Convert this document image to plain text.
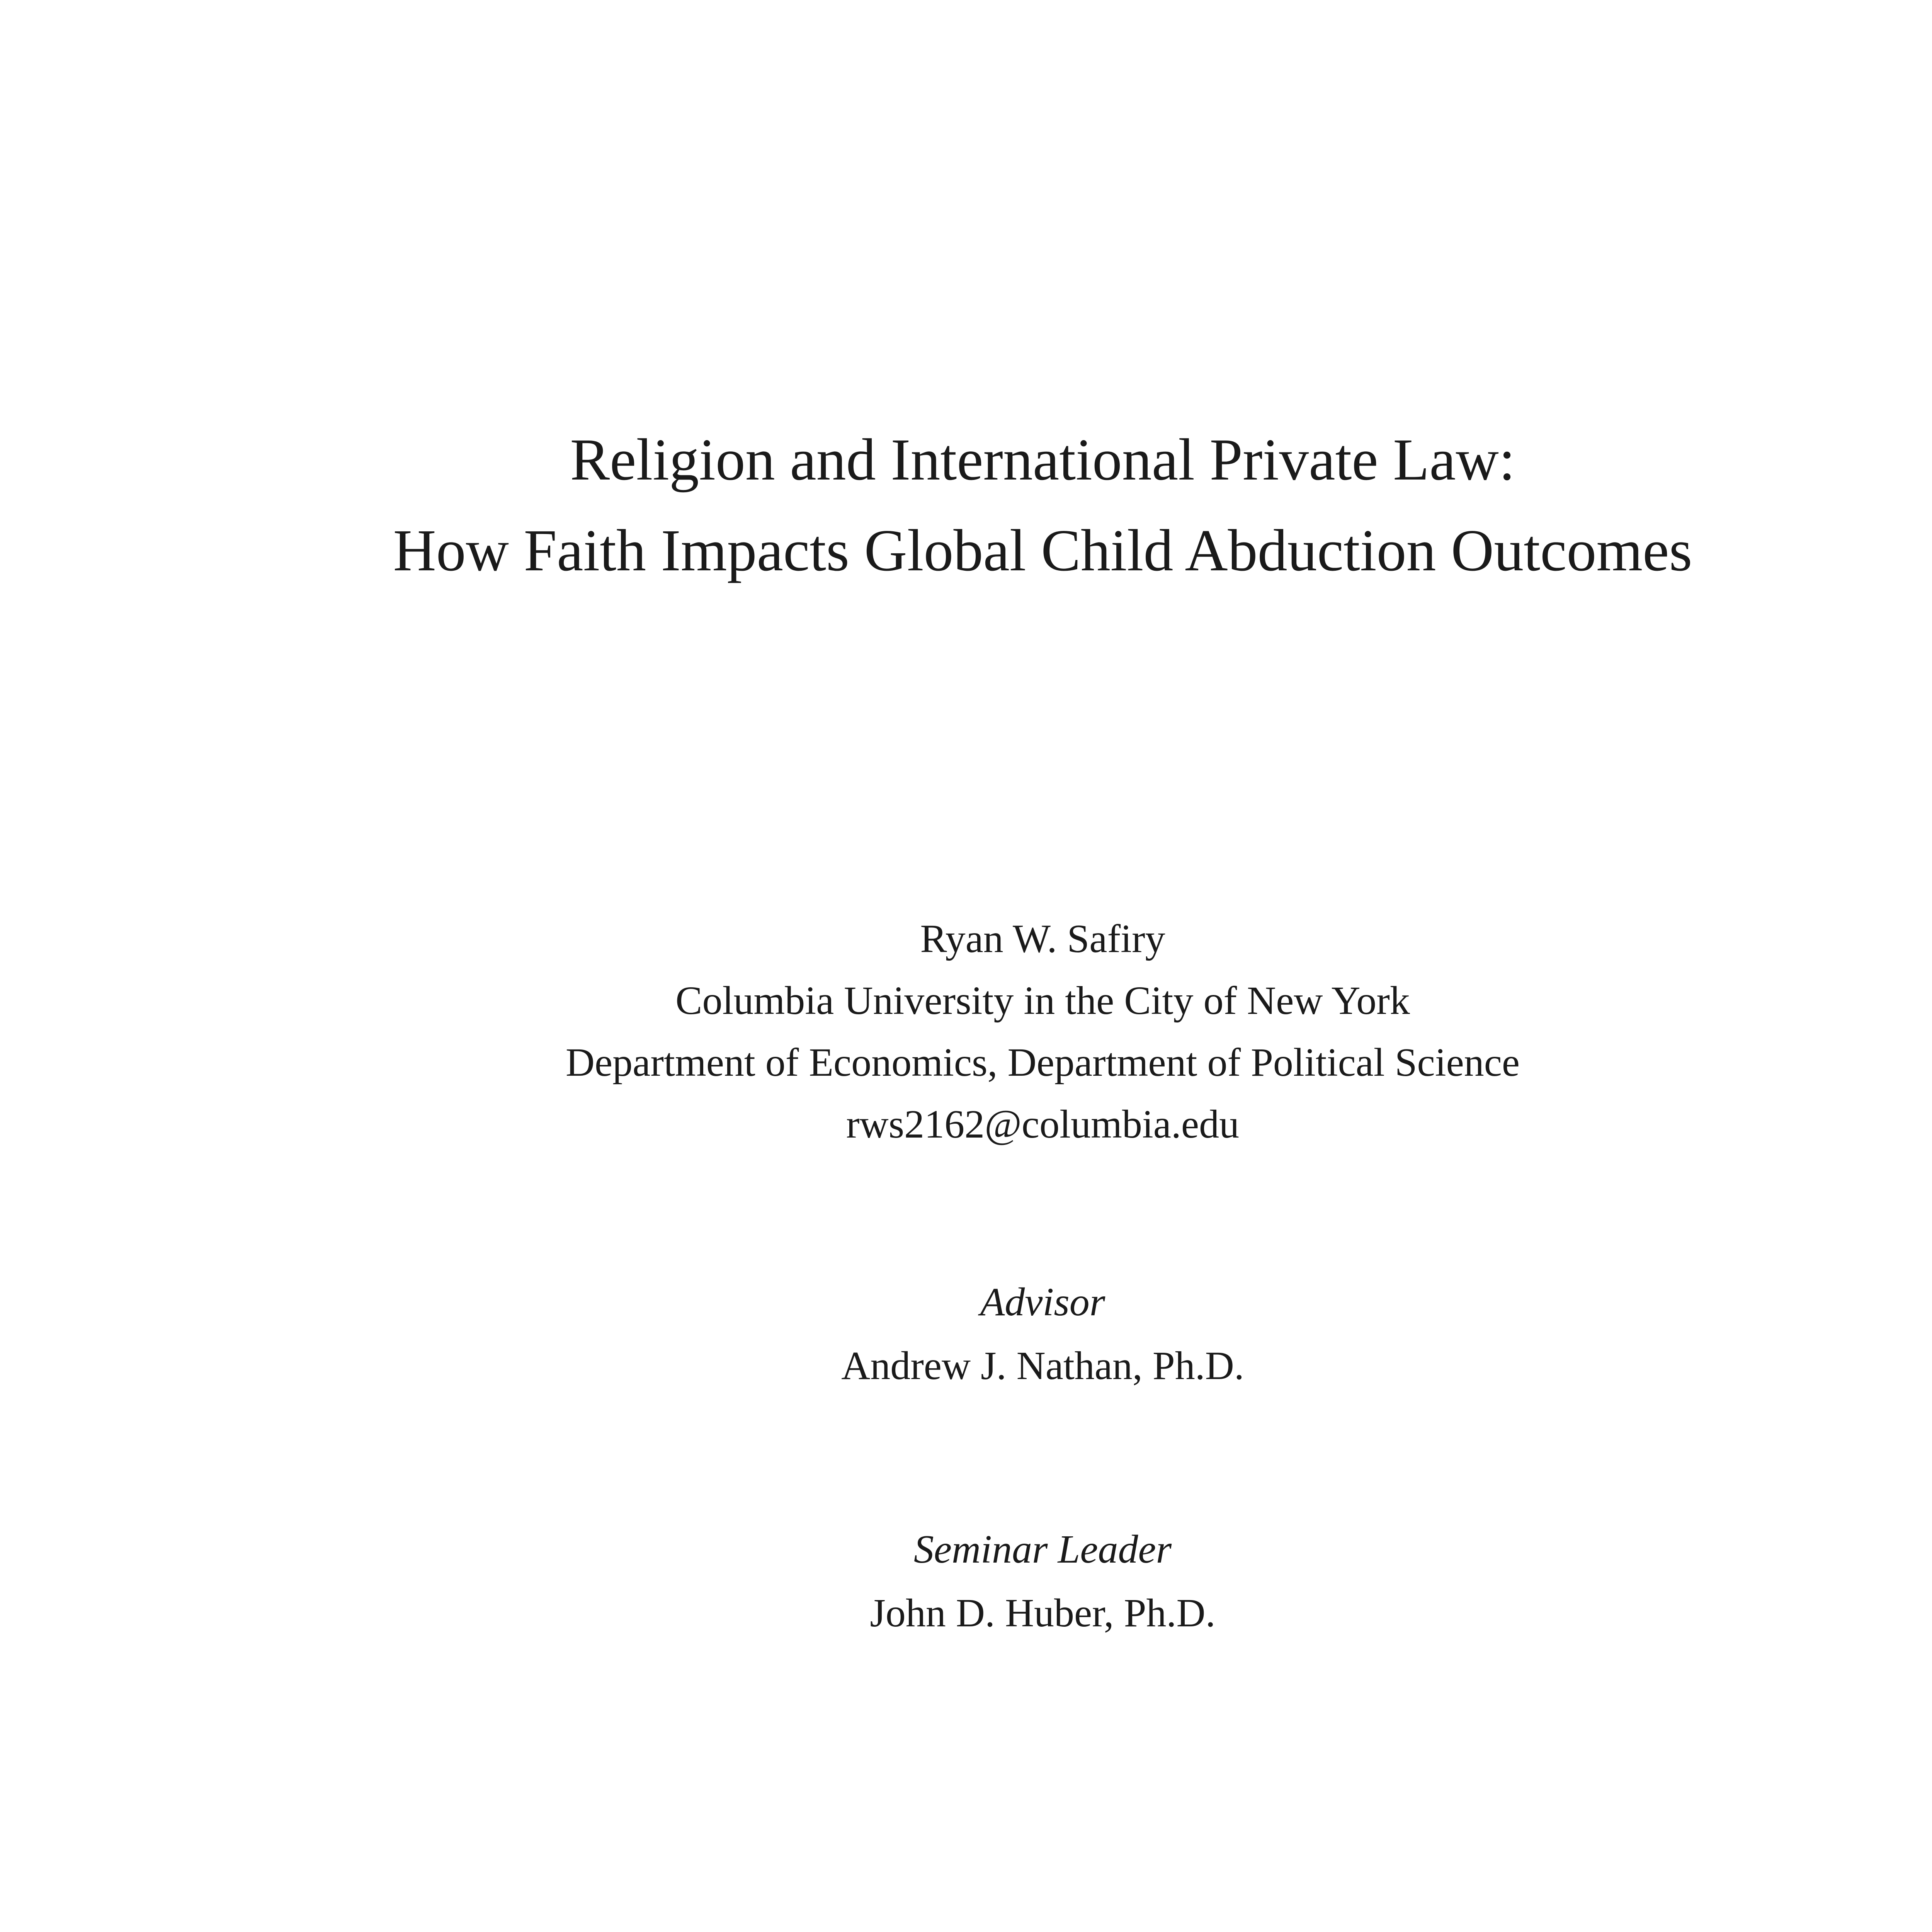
Religion and International Private Law:
How Faith Impacts Global Child Abduction Outcomes
Ryan W. Safiry
Columbia University in the City of New York
Department of Economics, Department of Political Science
rws2162@columbia.edu
Advisor
Andrew J. Nathan, Ph.D.
Seminar Leader
John D. Huber, Ph.D.
